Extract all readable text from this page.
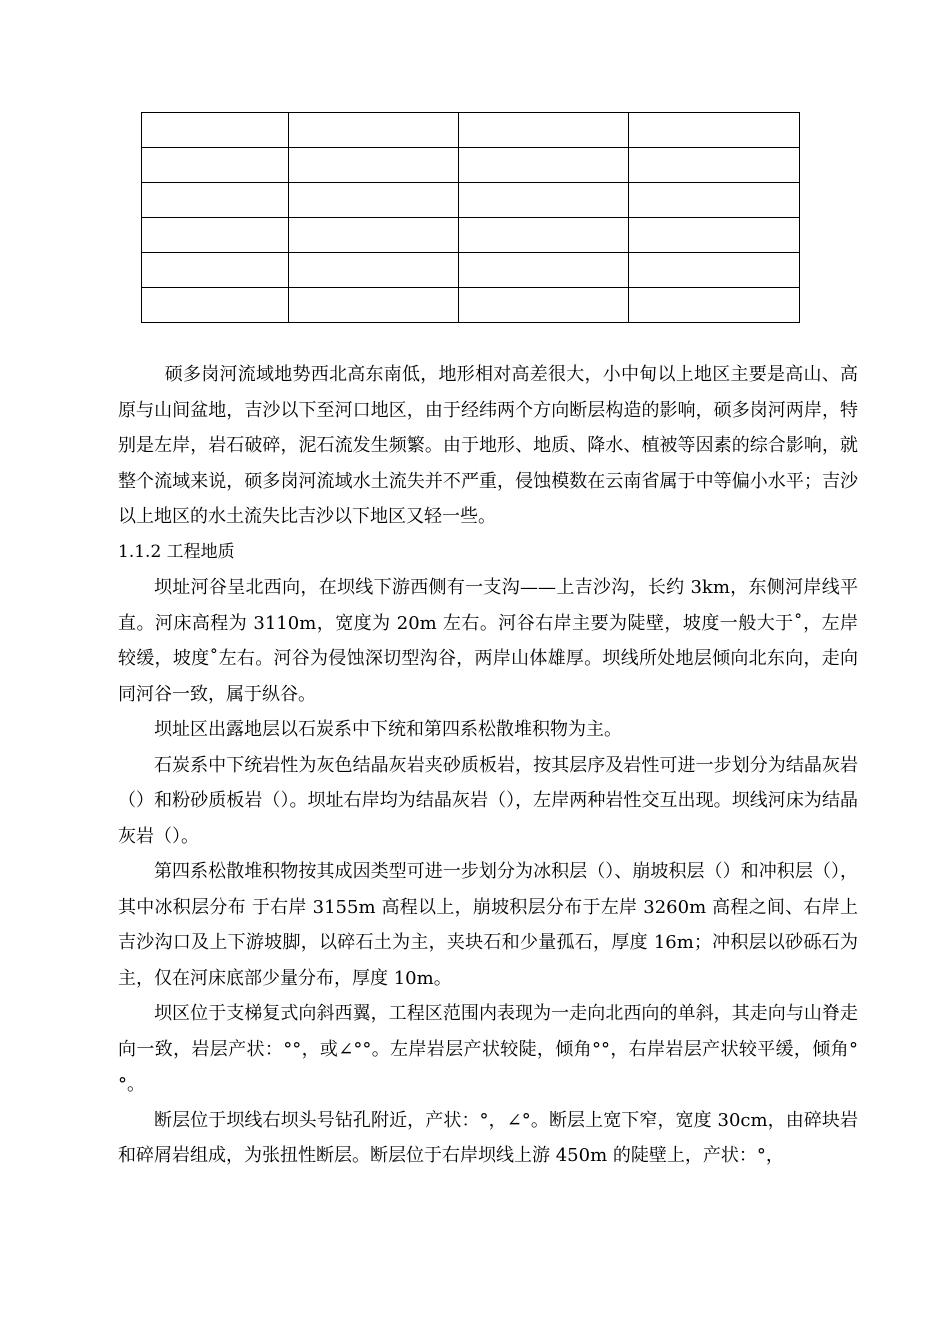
硕多岗河流域地势西北高东南低，地形相对高差很大，小中甸以上地区主要是高山、高原与山间盆地，吉沙以下至河口地区，由于经纬两个方向断层构造的影响，硕多岗河两岸，特别是左岸，岩石破碎，泥石流发生频繁。由于地形、地质、降水、植被等因素的综合影响，就整个流域来说，硕多岗河流域水土流失并不严重，侵蚀模数在云南省属于中等偏小水平；吉沙以上地区的水土流失比吉沙以下地区又轻一些。

1.1.2 工程地质

坝址河谷呈北西向，在坝线下游西侧有一支沟——上吉沙沟，长约 3km，东侧河岸线平直。河床高程为 3110m，宽度为 20m 左右。河谷右岸主要为陡壁，坡度一般大于˚，左岸较缓，坡度˚左右。河谷为侵蚀深切型沟谷，两岸山体雄厚。坝线所处地层倾向北东向，走向同河谷一致，属于纵谷。

坝址区出露地层以石炭系中下统和第四系松散堆积物为主。

石炭系中下统岩性为灰色结晶灰岩夹砂质板岩，按其层序及岩性可进一步划分为结晶灰岩（）和粉砂质板岩（）。坝址右岸均为结晶灰岩（），左岸两种岩性交互出现。坝线河床为结晶灰岩（）。

第四系松散堆积物按其成因类型可进一步划分为冰积层（）、崩坡积层（）和冲积层（），其中冰积层分布 于右岸 3155m 高程以上，崩坡积层分布于左岸 3260m 高程之间、右岸上吉沙沟口及上下游坡脚，以碎石土为主，夹块石和少量孤石，厚度 16m；冲积层以砂砾石为主，仅在河床底部少量分布，厚度 10m。

坝区位于支梯复式向斜西翼，工程区范围内表现为一走向北西向的单斜，其走向与山脊走向一致，岩层产状：°°，或∠°°。左岸岩层产状较陡，倾角°°，右岸岩层产状较平缓，倾角°°。

断层位于坝线右坝头号钻孔附近，产状：°，∠°。断层上宽下窄，宽度 30cm，由碎块岩和碎屑岩组成，为张扭性断层。断层位于右岸坝线上游 450m 的陡壁上，产状：°，
